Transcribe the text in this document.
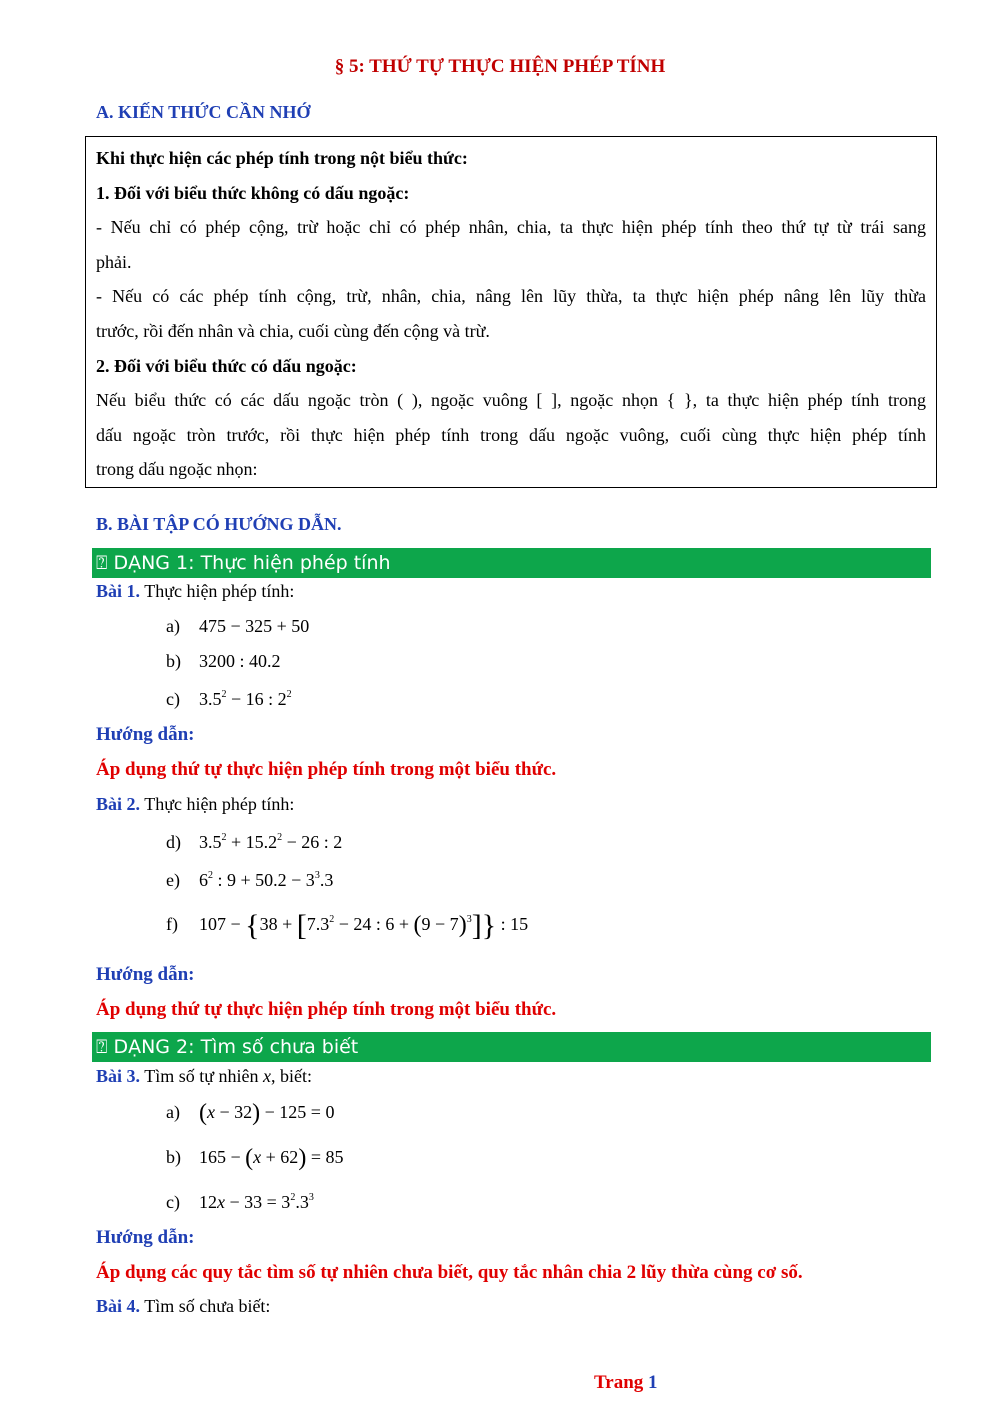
§ 5: THỨ TỰ THỰC HIỆN PHÉP TÍNH
A. KIẾN THỨC CẦN NHỚ

Khi thực hiện các phép tính trong nột biểu thức:

1. Đối với biểu thức không có dấu ngoặc:

- Nếu chỉ có phép cộng, trừ hoặc chỉ có phép nhân, chia, ta thực hiện phép tính theo thứ tự từ trái sang

phải.

- Nếu có các phép tính cộng, trừ, nhân, chia, nâng lên lũy thừa, ta thực hiện phép nâng lên lũy thừa

trước, rồi đến nhân và chia, cuối cùng đến cộng và trừ.

2. Đối với biểu thức có dấu ngoặc:

Nếu biểu thức có các dấu ngoặc tròn ( ), ngoặc vuông [ ], ngoặc nhọn { }, ta thực hiện phép tính trong

dấu ngoặc tròn trước, rồi thực hiện phép tính trong dấu ngoặc vuông, cuối cùng thực hiện phép tính

trong dấu ngoặc nhọn:

B. BÀI TẬP CÓ HƯỚNG DẪN.
⍰ DẠNG 1: Thực hiện phép tính
Bài 1. Thực hiện phép tính:
a) 475 − 325 + 50
b) 3200 : 40.2
c) $3.5^2 - 16$ : $2^2$
Hướng dẫn:
Áp dụng thứ tự thực hiện phép tính trong một biểu thức.
Bài 2. Thực hiện phép tính:
d) $3.5^2 + 15.2^2 - 26$ : 2
e) $6^2$ : $9 + 50.2 - 3^3.3$
f) $107 - \{38 + [7.3^2 - 24$ : $6 + (9 - 7)^3$]} : 15
Hướng dẫn:
Áp dụng thứ tự thực hiện phép tính trong một biểu thức.
⍰ DẠNG 2: Tìm số chưa biết
Bài 3. Tìm số tự nhiên x, biết:
a) (x − 32) − 125 = 0
b) 165 − (x + 62) = 85
c) $12x - 33 = 3^2.3^3$
Hướng dẫn:
Áp dụng các quy tắc tìm số tự nhiên chưa biết, quy tắc nhân chia 2 lũy thừa cùng cơ số.
Bài 4. Tìm số chưa biết:
Trang 1
